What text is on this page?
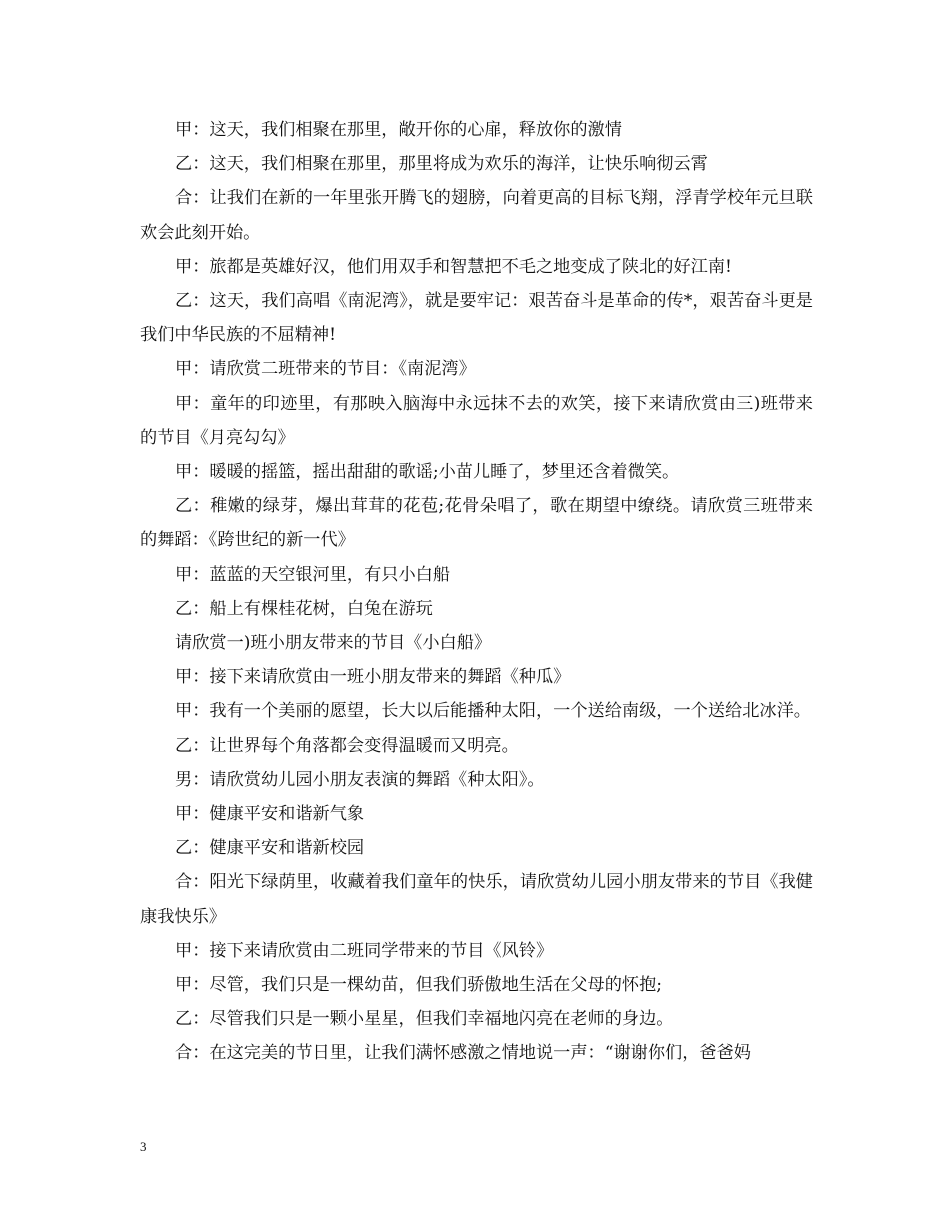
甲：这天，我们相聚在那里，敞开你的心扉，释放你的激情

乙：这天，我们相聚在那里，那里将成为欢乐的海洋，让快乐响彻云霄

合：让我们在新的一年里张开腾飞的翅膀，向着更高的目标飞翔，浮青学校年元旦联欢会此刻开始。

甲：旅都是英雄好汉，他们用双手和智慧把不毛之地变成了陕北的好江南!

乙：这天，我们高唱《南泥湾》，就是要牢记：艰苦奋斗是革命的传*，艰苦奋斗更是我们中华民族的不屈精神!

甲：请欣赏二班带来的节目：《南泥湾》

甲：童年的印迹里，有那映入脑海中永远抹不去的欢笑，接下来请欣赏由三)班带来的节目《月亮勾勾》

甲：暖暖的摇篮，摇出甜甜的歌谣;小苗儿睡了，梦里还含着微笑。

乙：稚嫩的绿芽，爆出茸茸的花苞;花骨朵唱了，歌在期望中缭绕。请欣赏三班带来的舞蹈：《跨世纪的新一代》

甲：蓝蓝的天空银河里，有只小白船

乙：船上有棵桂花树，白兔在游玩

请欣赏一)班小朋友带来的节目《小白船》

甲：接下来请欣赏由一班小朋友带来的舞蹈《种瓜》

甲：我有一个美丽的愿望，长大以后能播种太阳，一个送给南级，一个送给北冰洋。

乙：让世界每个角落都会变得温暖而又明亮。

男：请欣赏幼儿园小朋友表演的舞蹈《种太阳》。

甲：健康平安和谐新气象

乙：健康平安和谐新校园

合：阳光下绿荫里，收藏着我们童年的快乐，请欣赏幼儿园小朋友带来的节目《我健康我快乐》

甲：接下来请欣赏由二班同学带来的节目《风铃》

甲：尽管，我们只是一棵幼苗，但我们骄傲地生活在父母的怀抱;

乙：尽管我们只是一颗小星星，但我们幸福地闪亮在老师的身边。

合：在这完美的节日里，让我们满怀感激之情地说一声：“谢谢你们，爸爸妈

3
